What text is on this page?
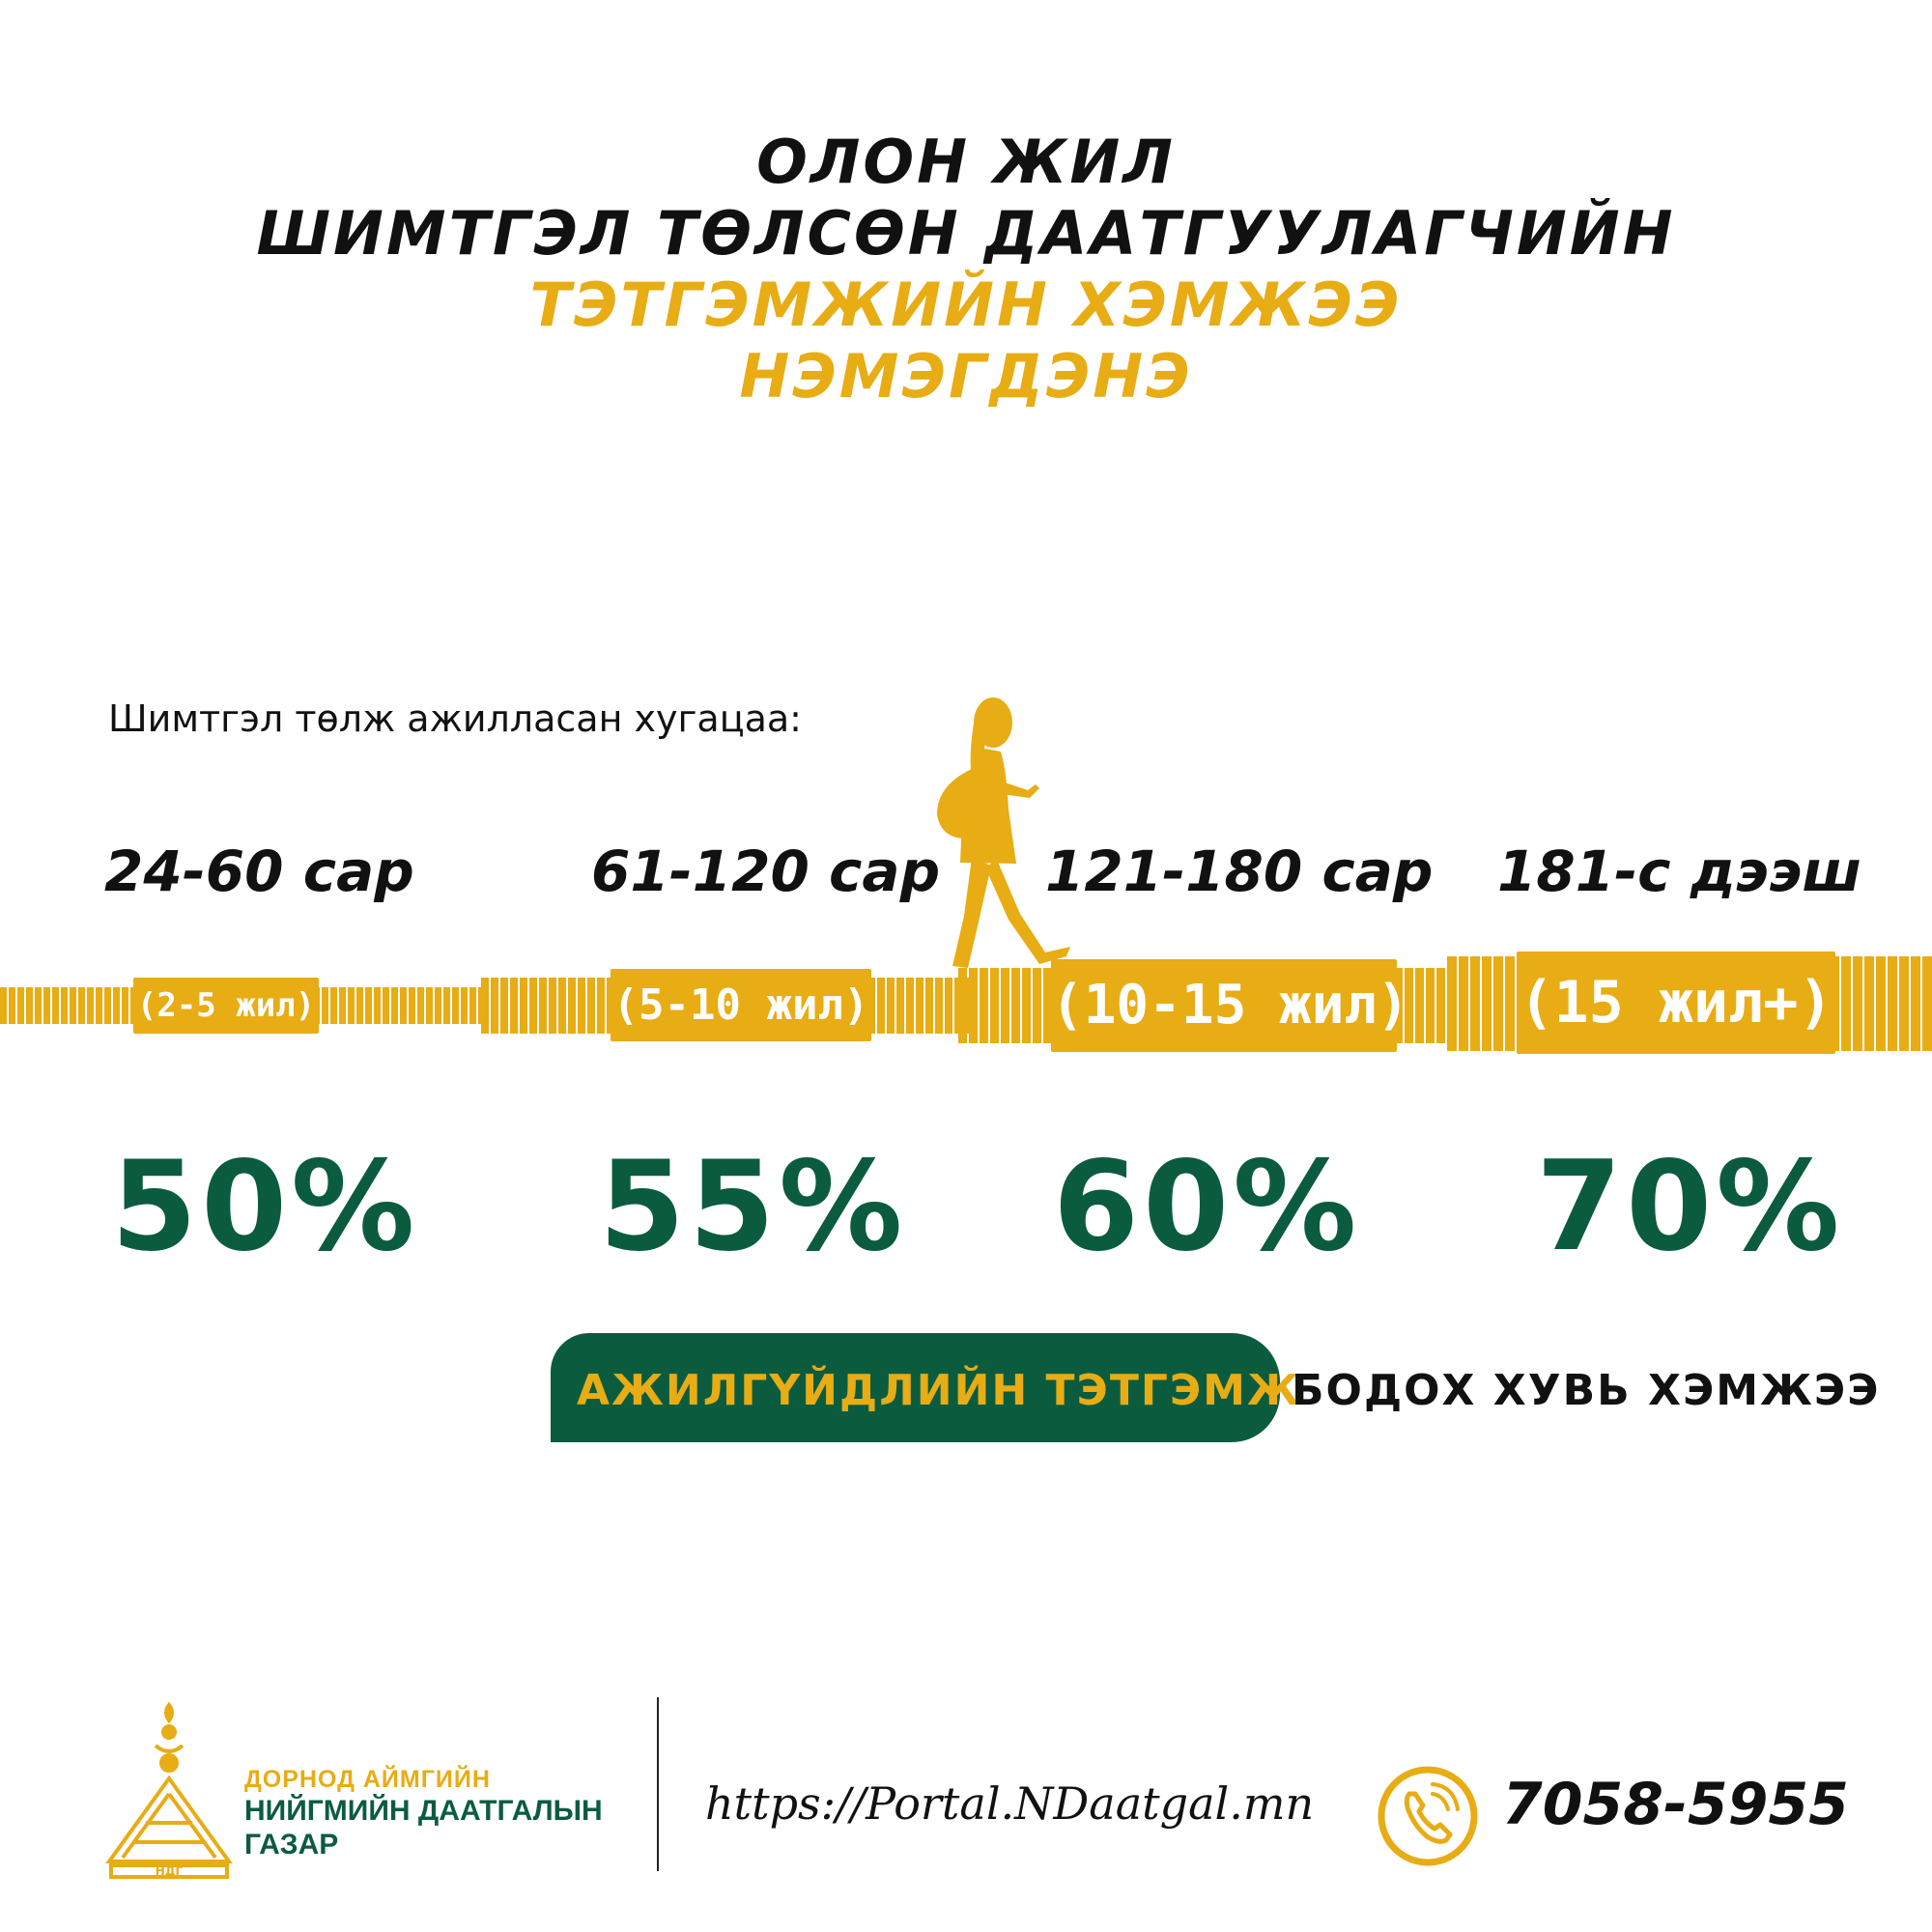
ОЛОН ЖИЛ
ШИМТГЭЛ ТӨЛСӨН ДААТГУУЛАГЧИЙН
ТЭТГЭМЖИЙН ХЭМЖЭЭ
НЭМЭГДЭНЭ
Шимтгэл төлж ажилласан хугацаа:
24-60 сар	61-120 сар 121-180 сар 181-с дээш
(2-5 жил)	(5-10 жил)	(10-15 жил) (15 жил+)
50% 55% 60% 70%
АЖИЛГҮЙДЛИЙН ТЭТГЭМЖ
БОДОХ ХУВЬ ХЭМЖЭЭ
НДГ
ДОРНОД АЙМГИЙН
НИЙГМИЙН ДААТГАЛЫН
ГАЗАР
https://Portal.NDaatgal.mn	7058-5955
